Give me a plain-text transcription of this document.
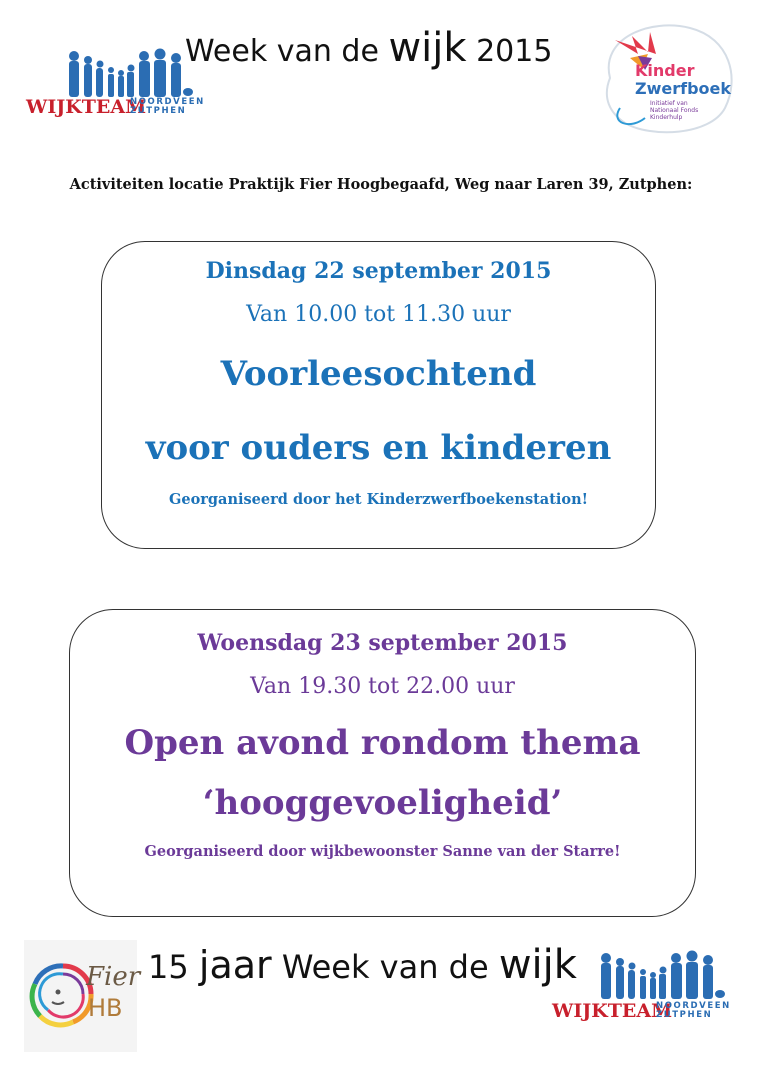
WIJKTEAM
NOORDVEEN
ZUTPHEN
Week van de wijk 2015
Kinder
Zwerfboek
Initiatief van Nationaal Fonds Kinderhulp
Activiteiten locatie Praktijk Fier Hoogbegaafd, Weg naar Laren 39, Zutphen:
Dinsdag 22 september 2015
Van 10.00 tot 11.30 uur
Voorleesochtend
voor ouders en kinderen
Georganiseerd door het Kinderzwerfboekenstation!
Woensdag 23 september 2015
Van 19.30 tot 22.00 uur
Open avond rondom thema
‘hooggevoeligheid’
Georganiseerd door wijkbewoonster Sanne van der Starre!
Fier
HB
15 jaar Week van de wijk
WIJKTEAM
NOORDVEEN
ZUTPHEN
